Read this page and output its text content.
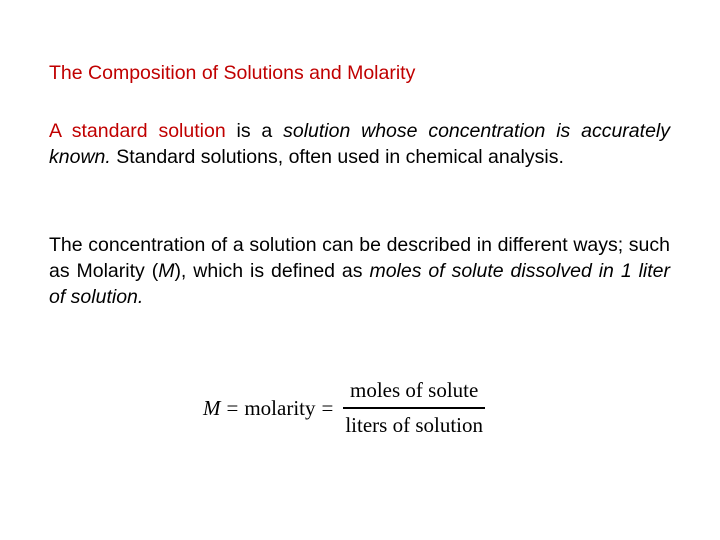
The Composition of Solutions and Molarity
A standard solution is a solution whose concentration is accurately known. Standard solutions, often used in chemical analysis.
The concentration of a solution can be described in different ways; such as Molarity (M), which is defined as moles of solute dissolved in 1 liter of solution.
M = molarity = $\frac{\text{moles of solute}}{\text{liters of solution}}$
